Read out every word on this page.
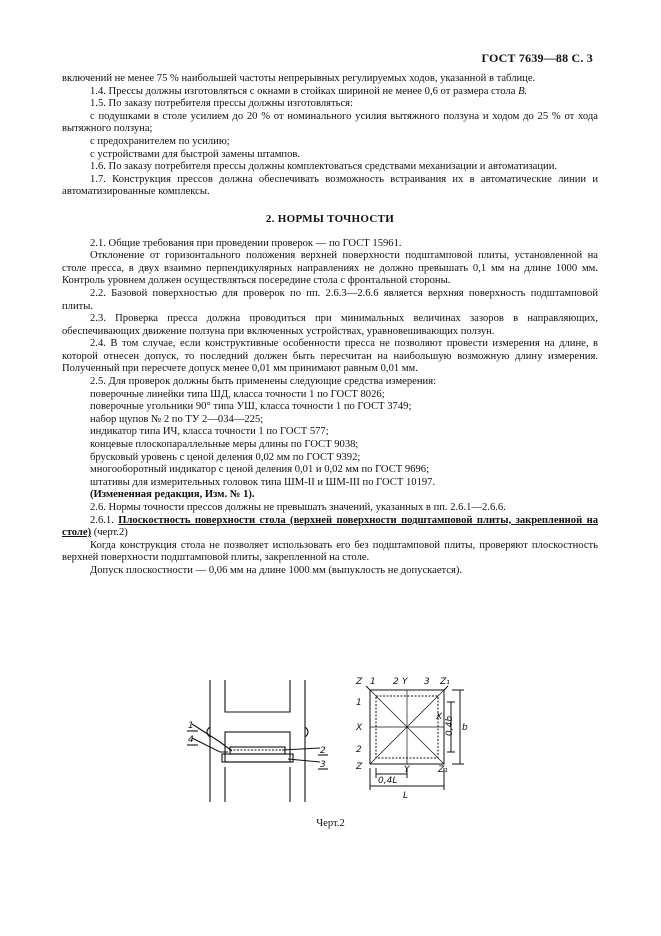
ГОСТ 7639—88 С. 3

включений не менее 75 % наибольшей частоты непрерывных регулируемых ходов, указанной в таблице.

1.4. Прессы должны изготовляться с окнами в стойках шириной не менее 0,6 от размера стола B.

1.5. По заказу потребителя прессы должны изготовляться:

с подушками в столе усилием до 20 % от номинального усилия вытяжного ползуна и ходом до 25 % от хода вытяжного ползуна;

с предохранителем по усилию;

с устройствами для быстрой замены штампов.

1.6. По заказу потребителя прессы должны комплектоваться средствами механизации и автоматизации.

1.7. Конструкция прессов должна обеспечивать возможность встраивания их в автоматические линии и автоматизированные комплексы.

2. НОРМЫ ТОЧНОСТИ

2.1. Общие требования при проведении проверок — по ГОСТ 15961.

Отклонение от горизонтального положения верхней поверхности подштамповой плиты, установленной на столе пресса, в двух взаимно перпендикулярных направлениях не должно превышать 0,1 мм на длине 1000 мм. Контроль уровнем должен осуществляться посередине стола с фронтальной стороны.

2.2. Базовой поверхностью для проверок по пп. 2.6.3—2.6.6 является верхняя поверхность подштамповой плиты.

2.3. Проверка пресса должна проводиться при минимальных величинах зазоров в направляющих, обеспечивающих движение ползуна при включенных устройствах, уравновешивающих ползун.

2.4. В том случае, если конструктивные особенности пресса не позволяют провести измерения на длине, в которой отнесен допуск, то последний должен быть пересчитан на наибольшую возможную длину измерения. Полученный при пересчете допуск менее 0,01 мм принимают равным 0,01 мм.

2.5. Для проверок должны быть применены следующие средства измерения:

поверочные линейки типа ШД, класса точности 1 по ГОСТ 8026;

поверочные угольники 90° типа УШ, класса точности 1 по ГОСТ 3749;

набор щупов № 2 по ТУ 2—034—225;

индикатор типа ИЧ, класса точности 1 по ГОСТ 577;

концевые плоскопараллельные меры длины по ГОСТ 9038;

брусковый уровень с ценой деления 0,02 мм по ГОСТ 9392;

многооборотный индикатор с ценой деления 0,01 и 0,02 мм по ГОСТ 9696;

штативы для измерительных головок типа ШМ-II и ШМ-III по ГОСТ 10197.

(Измененная редакция, Изм. № 1).

2.6. Нормы точности прессов должны не превышать значений, указанных в пп. 2.6.1—2.6.6.

2.6.1. Плоскостность поверхности стола (верхней поверхности подштамповой плиты, закрепленной на столе) (черт.2)

Когда конструкция стола не позволяет использовать его без подштамповой плиты, проверяют плоскостность верхней поверхности подштамповой плиты, закрепленной на столе.

Допуск плоскостности — 0,06 мм на длине 1000 мм (выпуклость не допускается).

1
4
2
3
Z 1 2 Y 3 Z₁
1
X
2
Z
X
Y	Z₁
b
0,4b
0,4L
L
Черт.2
